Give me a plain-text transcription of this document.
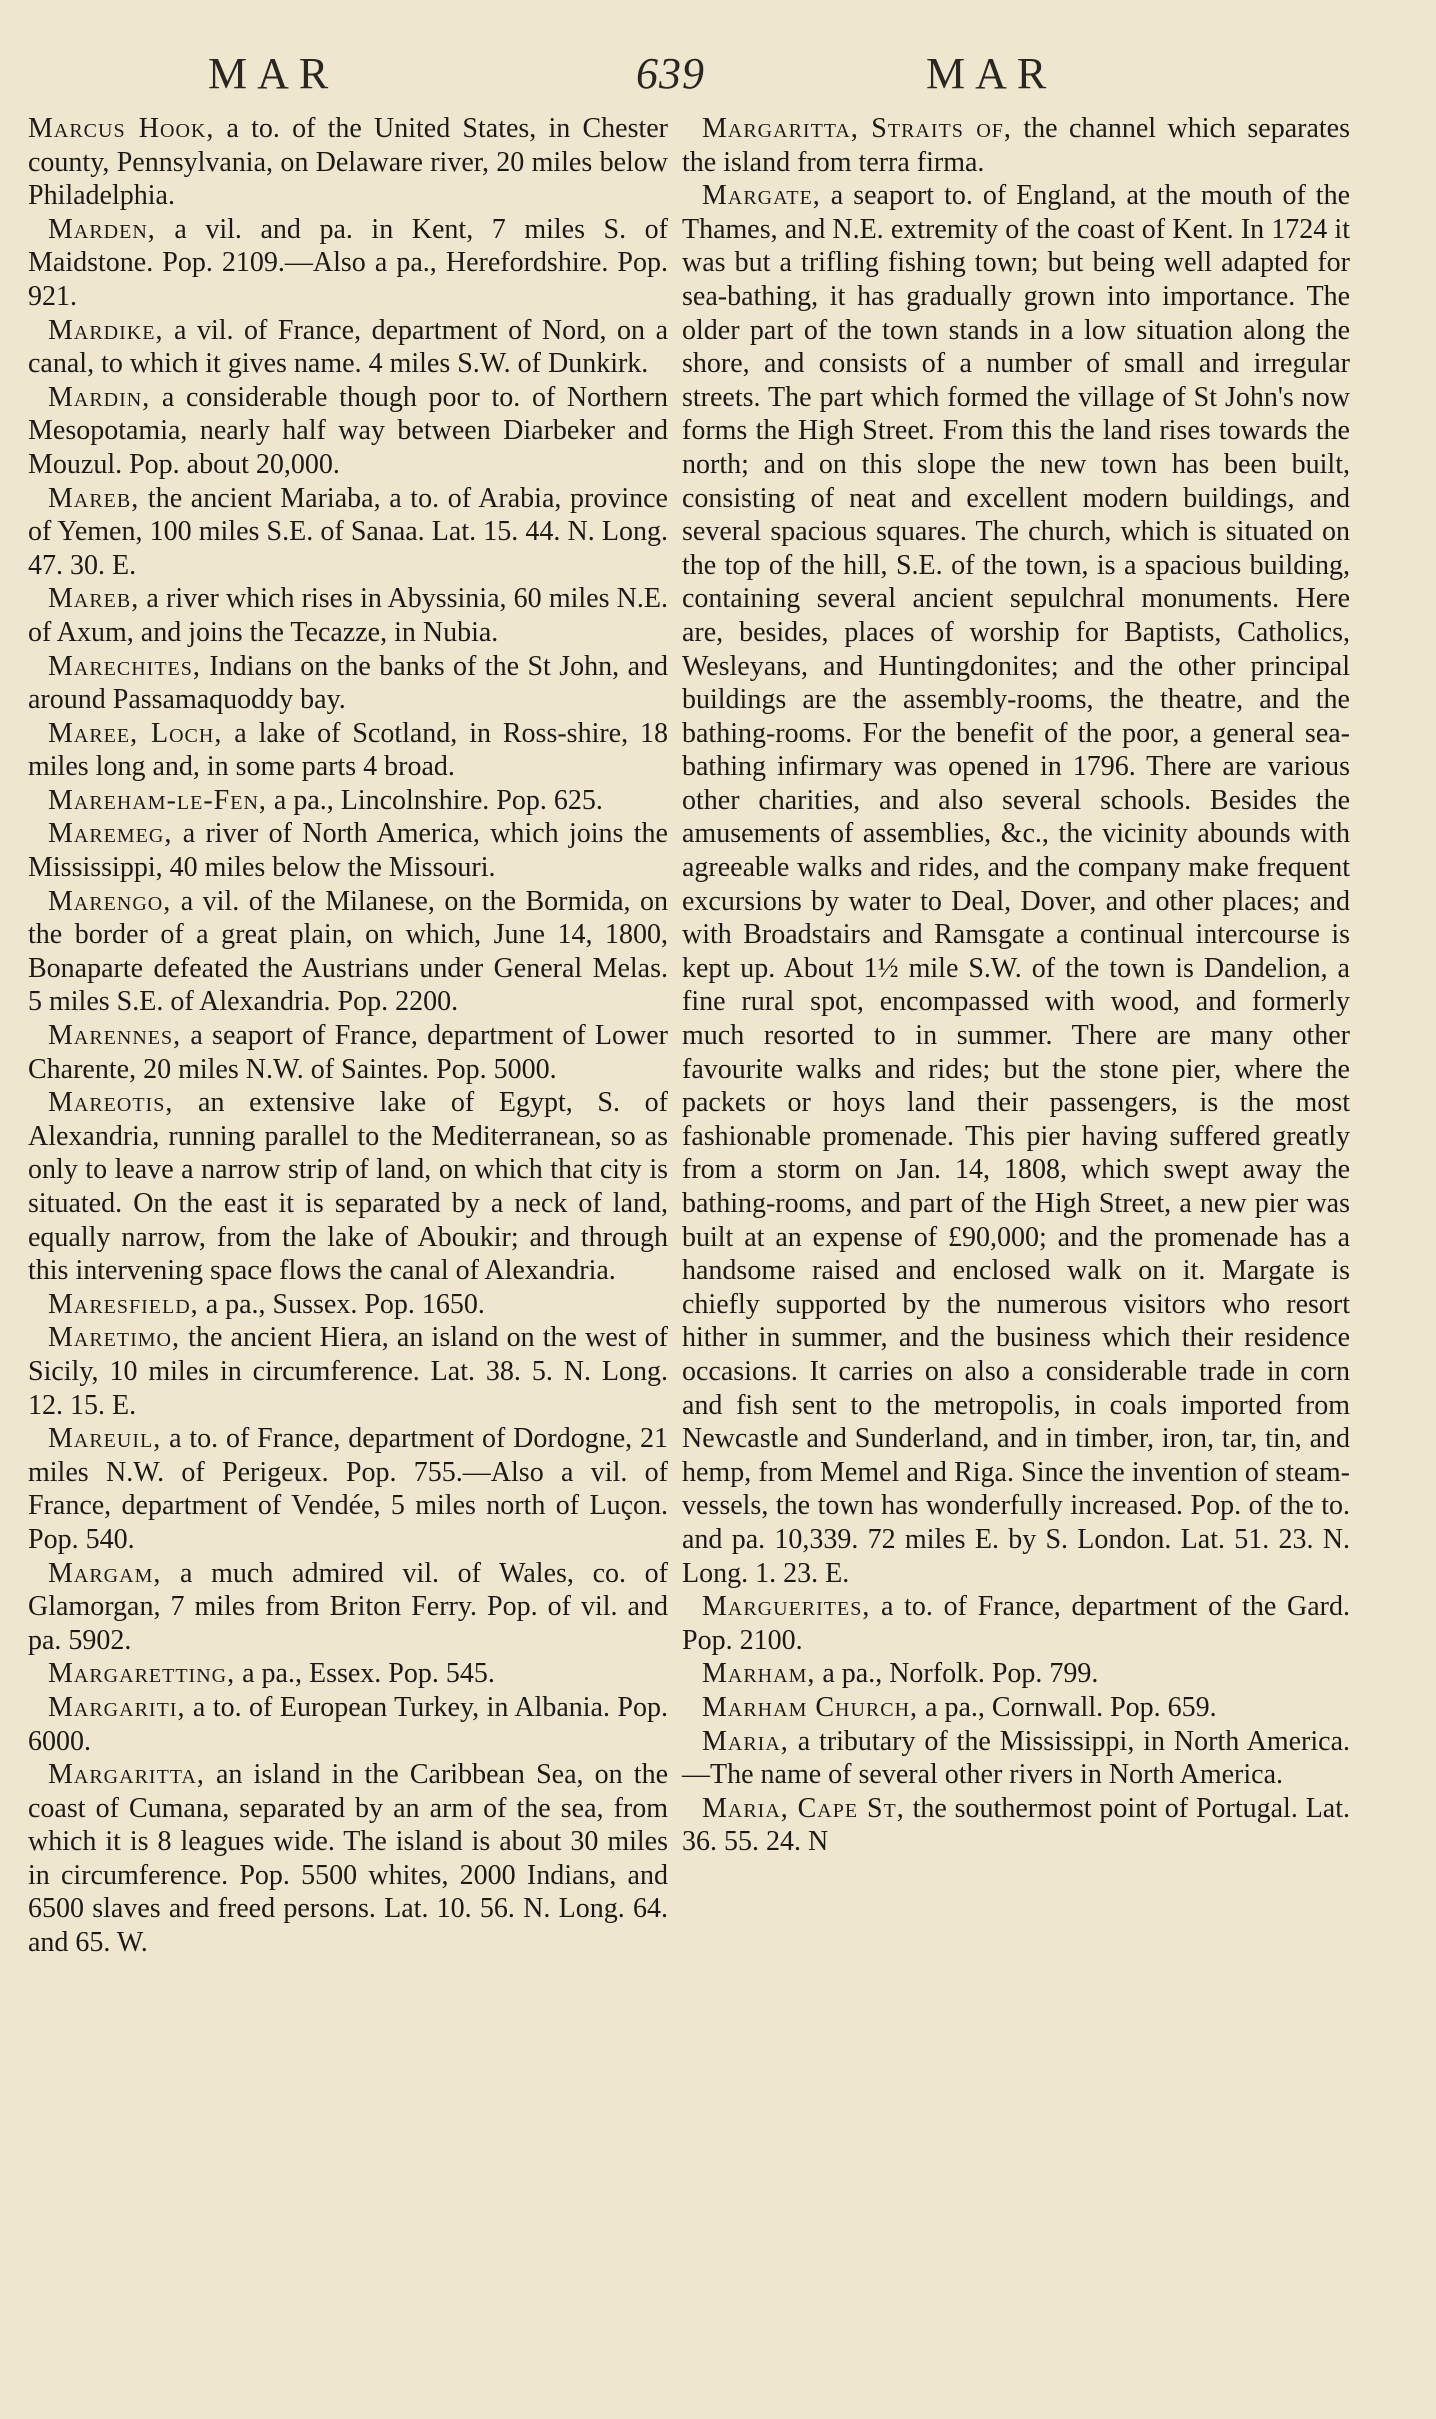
MAR	639	MAR

Marcus Hook, a to. of the United States, in Chester county, Pennsylvania, on Delaware river, 20 miles below Philadelphia.

Marden, a vil. and pa. in Kent, 7 miles S. of Maidstone. Pop. 2109.—Also a pa., Herefordshire. Pop. 921.

Mardike, a vil. of France, department of Nord, on a canal, to which it gives name. 4 miles S.W. of Dunkirk.

Mardin, a considerable though poor to. of Northern Mesopotamia, nearly half way between Diarbeker and Mouzul. Pop. about 20,000.

Mareb, the ancient Mariaba, a to. of Arabia, province of Yemen, 100 miles S.E. of Sanaa. Lat. 15. 44. N. Long. 47. 30. E.

Mareb, a river which rises in Abyssinia, 60 miles N.E. of Axum, and joins the Tecazze, in Nubia.

Marechites, Indians on the banks of the St John, and around Passamaquoddy bay.

Maree, Loch, a lake of Scotland, in Ross-shire, 18 miles long and, in some parts 4 broad.

Mareham-le-Fen, a pa., Lincolnshire. Pop. 625.

Maremeg, a river of North America, which joins the Mississippi, 40 miles below the Missouri.

Marengo, a vil. of the Milanese, on the Bormida, on the border of a great plain, on which, June 14, 1800, Bonaparte defeated the Austrians under General Melas. 5 miles S.E. of Alexandria. Pop. 2200.

Marennes, a seaport of France, department of Lower Charente, 20 miles N.W. of Saintes. Pop. 5000.

Mareotis, an extensive lake of Egypt, S. of Alexandria, running parallel to the Mediterranean, so as only to leave a narrow strip of land, on which that city is situated. On the east it is separated by a neck of land, equally narrow, from the lake of Aboukir; and through this intervening space flows the canal of Alexandria.

Maresfield, a pa., Sussex. Pop. 1650.

Maretimo, the ancient Hiera, an island on the west of Sicily, 10 miles in circumference. Lat. 38. 5. N. Long. 12. 15. E.

Mareuil, a to. of France, department of Dordogne, 21 miles N.W. of Perigeux. Pop. 755.—Also a vil. of France, department of Vendée, 5 miles north of Luçon. Pop. 540.

Margam, a much admired vil. of Wales, co. of Glamorgan, 7 miles from Briton Ferry. Pop. of vil. and pa. 5902.

Margaretting, a pa., Essex. Pop. 545.

Margariti, a to. of European Turkey, in Albania. Pop. 6000.

Margaritta, an island in the Caribbean Sea, on the coast of Cumana, separated by an arm of the sea, from which it is 8 leagues wide. The island is about 30 miles in circumference. Pop. 5500 whites, 2000 Indians, and 6500 slaves and freed persons. Lat. 10. 56. N. Long. 64. and 65. W.

Margaritta, Straits of, the channel which separates the island from terra firma.

Margate, a seaport to. of England, at the mouth of the Thames, and N.E. extremity of the coast of Kent. In 1724 it was but a trifling fishing town; but being well adapted for sea-bathing, it has gradually grown into importance. The older part of the town stands in a low situation along the shore, and consists of a number of small and irregular streets. The part which formed the village of St John's now forms the High Street. From this the land rises towards the north; and on this slope the new town has been built, consisting of neat and excellent modern buildings, and several spacious squares. The church, which is situated on the top of the hill, S.E. of the town, is a spacious building, containing several ancient sepulchral monuments. Here are, besides, places of worship for Baptists, Catholics, Wesleyans, and Huntingdonites; and the other principal buildings are the assembly-rooms, the theatre, and the bathing-rooms. For the benefit of the poor, a general sea-bathing infirmary was opened in 1796. There are various other charities, and also several schools. Besides the amusements of assemblies, &c., the vicinity abounds with agreeable walks and rides, and the company make frequent excursions by water to Deal, Dover, and other places; and with Broadstairs and Ramsgate a continual intercourse is kept up. About 1½ mile S.W. of the town is Dandelion, a fine rural spot, encompassed with wood, and formerly much resorted to in summer. There are many other favourite walks and rides; but the stone pier, where the packets or hoys land their passengers, is the most fashionable promenade. This pier having suffered greatly from a storm on Jan. 14, 1808, which swept away the bathing-rooms, and part of the High Street, a new pier was built at an expense of £90,000; and the promenade has a handsome raised and enclosed walk on it. Margate is chiefly supported by the numerous visitors who resort hither in summer, and the business which their residence occasions. It carries on also a considerable trade in corn and fish sent to the metropolis, in coals imported from Newcastle and Sunderland, and in timber, iron, tar, tin, and hemp, from Memel and Riga. Since the invention of steam-vessels, the town has wonderfully increased. Pop. of the to. and pa. 10,339. 72 miles E. by S. London. Lat. 51. 23. N. Long. 1. 23. E.

Marguerites, a to. of France, department of the Gard. Pop. 2100.

Marham, a pa., Norfolk. Pop. 799.

Marham Church, a pa., Cornwall. Pop. 659.

Maria, a tributary of the Mississippi, in North America.—The name of several other rivers in North America.

Maria, Cape St, the southermost point of Portugal. Lat. 36. 55. 24. N
